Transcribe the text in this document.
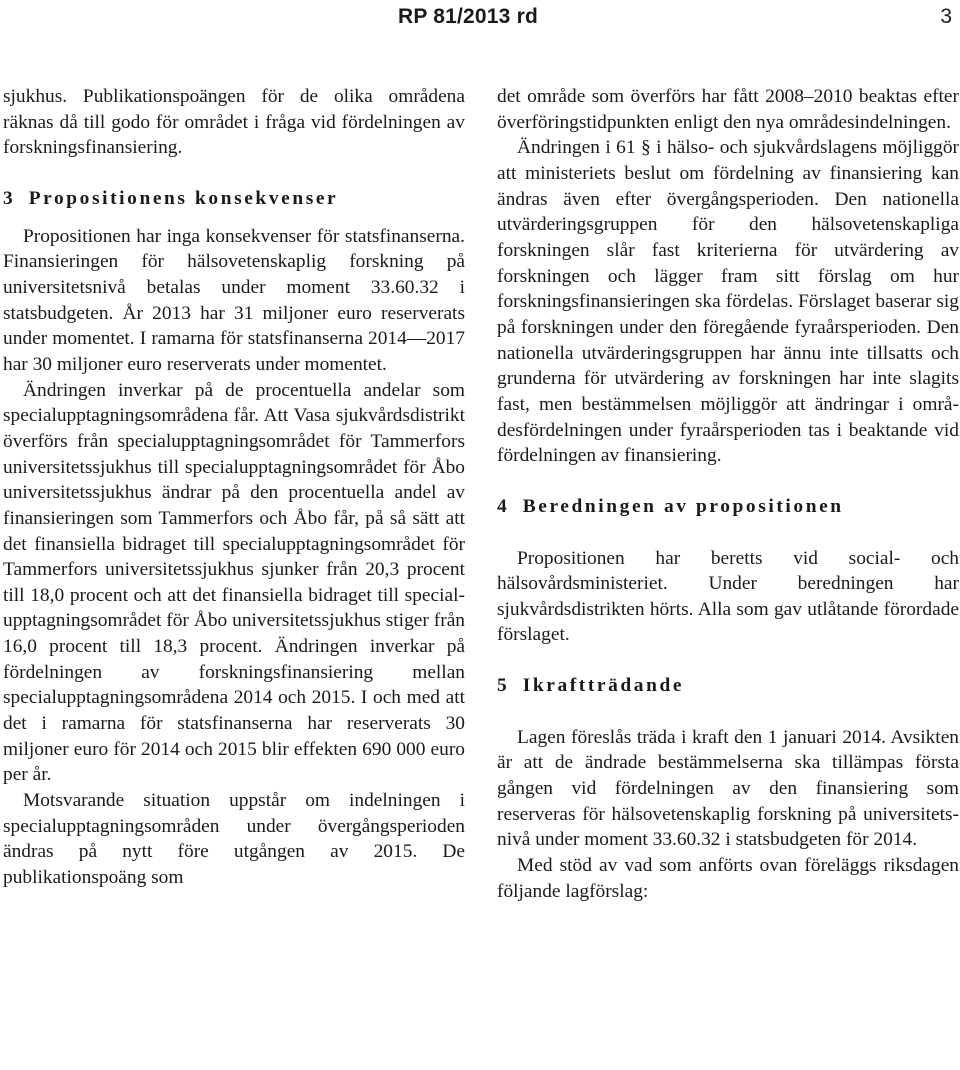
RP 81/2013 rd	3

sjukhus. Publikationspoängen för de olika områdena räknas då till godo för området i fråga vid fördelningen av forskningsfinansiering.

3 Propositionens konsekvenser

Propositionen har inga konsekvenser för statsfinanserna. Finansieringen för hälsovetenskaplig forskning på universitetsnivå betalas under moment 33.60.32 i statsbudgeten. År 2013 har 31 miljoner euro reserverats under momentet. I ramarna för statsfinanserna 2014—2017 har 30 miljoner euro reserverats under momentet.

Ändringen inverkar på de procentuella andelar som specialupptagningsområdena får. Att Vasa sjukvårdsdistrikt överförs från specialupptagningsområdet för Tammerfors universitetssjukhus till specialupptagningsområdet för Åbo universitetssjukhus ändrar på den procentuella andel av finansieringen som Tammerfors och Åbo får, på så sätt att det finansiella bidraget till specialupptagningsområdet för Tammerfors universitetssjukhus sjunker från 20,3 procent till 18,0 procent och att det finansiella bidraget till specialupptagningsområdet för Åbo universitetssjukhus stiger från 16,0 procent till 18,3 procent. Ändringen inverkar på fördelningen av forskningsfinansiering mellan specialupptagningsområdena 2014 och 2015. I och med att det i ramarna för statsfinanserna har reserverats 30 miljoner euro för 2014 och 2015 blir effekten 690 000 euro per år.

Motsvarande situation uppstår om indelningen i specialupptagningsområden under övergångsperioden ändras på nytt före utgången av 2015. De publikationspoäng som

det område som överförs har fått 2008–2010 beaktas efter överföringstidpunkten enligt den nya områdesindelningen.

Ändringen i 61 § i hälso- och sjukvårdslagens möjliggör att ministeriets beslut om fördelning av finansiering kan ändras även efter övergångsperioden. Den nationella utvärderingsgruppen för den hälsovetenskapliga forskningen slår fast kriterierna för utvärdering av forskningen och lägger fram sitt förslag om hur forskningsfinansieringen ska fördelas. Förslaget baserar sig på forskningen under den föregående fyraårsperioden. Den nationella utvärderingsgruppen har ännu inte tillsatts och grunderna för utvärdering av forskningen har inte slagits fast, men bestämmelsen möjliggör att ändringar i områdesfördelningen under fyraårsperioden tas i beaktande vid fördelningen av finansiering.

4 Beredningen av propositionen

Propositionen har beretts vid social- och hälsovårdsministeriet. Under beredningen har sjukvårdsdistrikten hörts. Alla som gav utlåtande förordade förslaget.

5 Ikraftträdande

Lagen föreslås träda i kraft den 1 januari 2014. Avsikten är att de ändrade bestämmelserna ska tillämpas första gången vid fördelningen av den finansiering som reserveras för hälsovetenskaplig forskning på universitetsnivå under moment 33.60.32 i statsbudgeten för 2014.

Med stöd av vad som anförts ovan föreläggs riksdagen följande lagförslag:
